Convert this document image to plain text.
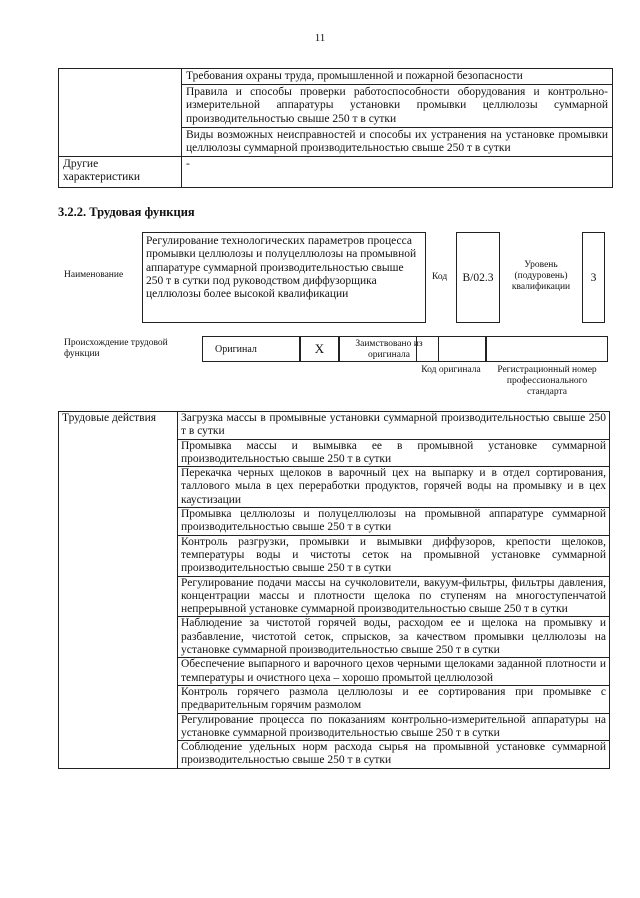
11
	Требования охраны труда, промышленной и пожарной безопасности
	Правила и способы проверки работоспособности оборудования и контрольно-измерительной аппаратуры установки промывки целлюлозы суммарной производительностью свыше 250 т в сутки
	Виды возможных неисправностей и способы их устранения на установке промывки целлюлозы суммарной производительностью свыше 250 т в сутки
Другие характеристики	-
3.2.2. Трудовая функция
Наименование
Регулирование технологических параметров процесса промывки целлюлозы и полуцеллюлозы на промывной аппаратуре суммарной производительностью свыше 250 т в сутки под руководством диффузорщика целлюлозы более высокой квалификации
Код	B/02.3
Уровень (подуровень) квалификации
3
Происхождение трудовой функции	Оригинал	X	Заимствовано из оригинала
Код оригинала	Регистрационный номер профессионального стандарта
Трудовые действия	Загрузка массы в промывные установки суммарной производительностью свыше 250 т в сутки
Промывка массы и вымывка ее в промывной установке суммарной производительностью свыше 250 т в сутки
Перекачка черных щелоков в варочный цех на выпарку и в отдел сортирования, таллового мыла в цех переработки продуктов, горячей воды на промывку и в цех каустизации
Промывка целлюлозы и полуцеллюлозы на промывной аппаратуре суммарной производительностью свыше 250 т в сутки
Контроль разгрузки, промывки и вымывки диффузоров, крепости щелоков, температуры воды и чистоты сеток на промывной установке суммарной производительностью свыше 250 т в сутки
Регулирование подачи массы на сучколовители, вакуум-фильтры, фильтры давления, концентрации массы и плотности щелока по ступеням на многоступенчатой непрерывной установке суммарной производительностью свыше 250 т в сутки
Наблюдение за чистотой горячей воды, расходом ее и щелока на промывку и разбавление, чистотой сеток, спрысков, за качеством промывки целлюлозы на установке суммарной производительностью свыше 250 т в сутки
Обеспечение выпарного и варочного цехов черными щелоками заданной плотности и температуры и очистного цеха – хорошо промытой целлюлозой
Контроль горячего размола целлюлозы и ее сортирования при промывке с предварительным горячим размолом
Регулирование процесса по показаниям контрольно-измерительной аппаратуры на установке суммарной производительностью свыше 250 т в сутки
Соблюдение удельных норм расхода сырья на промывной установке суммарной производительностью свыше 250 т в сутки
